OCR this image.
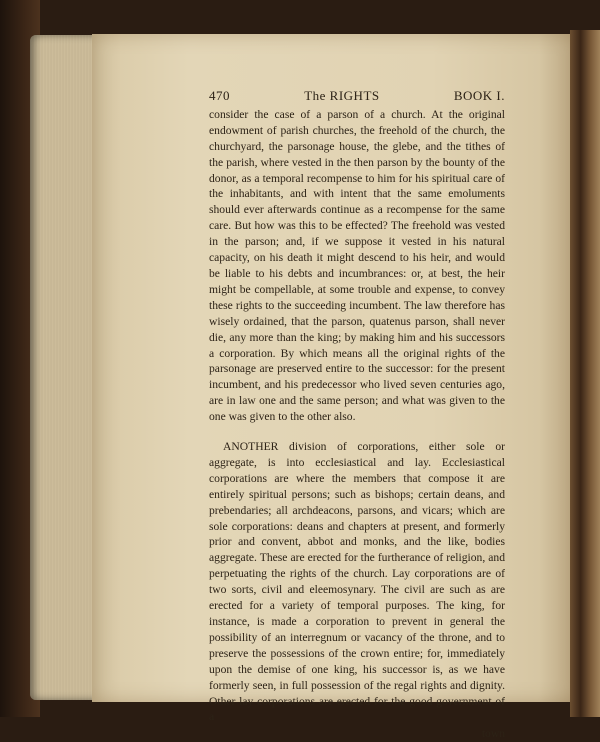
470	The RIGHTS	BOOK I.

consider the case of a parson of a church. At the original endowment of parish churches, the freehold of the church, the churchyard, the parsonage house, the glebe, and the tithes of the parish, where vested in the then parson by the bounty of the donor, as a temporal recompense to him for his spiritual care of the inhabitants, and with intent that the same emoluments should ever afterwards continue as a recompense for the same care. But how was this to be effected? The freehold was vested in the parson; and, if we suppose it vested in his natural capacity, on his death it might descend to his heir, and would be liable to his debts and incumbrances: or, at best, the heir might be compellable, at some trouble and expense, to convey these rights to the succeeding incumbent. The law therefore has wisely ordained, that the parson, quatenus parson, shall never die, any more than the king; by making him and his successors a corporation. By which means all the original rights of the parsonage are preserved entire to the successor: for the present incumbent, and his predecessor who lived seven centuries ago, are in law one and the same person; and what was given to the one was given to the other also.

ANOTHER division of corporations, either sole or aggregate, is into ecclesiastical and lay. Ecclesiastical corporations are where the members that compose it are entirely spiritual persons; such as bishops; certain deans, and prebendaries; all archdeacons, parsons, and vicars; which are sole corporations: deans and chapters at present, and formerly prior and convent, abbot and monks, and the like, bodies aggregate. These are erected for the furtherance of religion, and perpetuating the rights of the church. Lay corporations are of two sorts, civil and eleemosynary. The civil are such as are erected for a variety of temporal purposes. The king, for instance, is made a corporation to prevent in general the possibility of an interregnum or vacancy of the throne, and to preserve the possessions of the crown entire; for, immediately upon the demise of one king, his successor is, as we have formerly seen, in full possession of the regal rights and dignity. Other lay corporations are erected for the good government of a

town
